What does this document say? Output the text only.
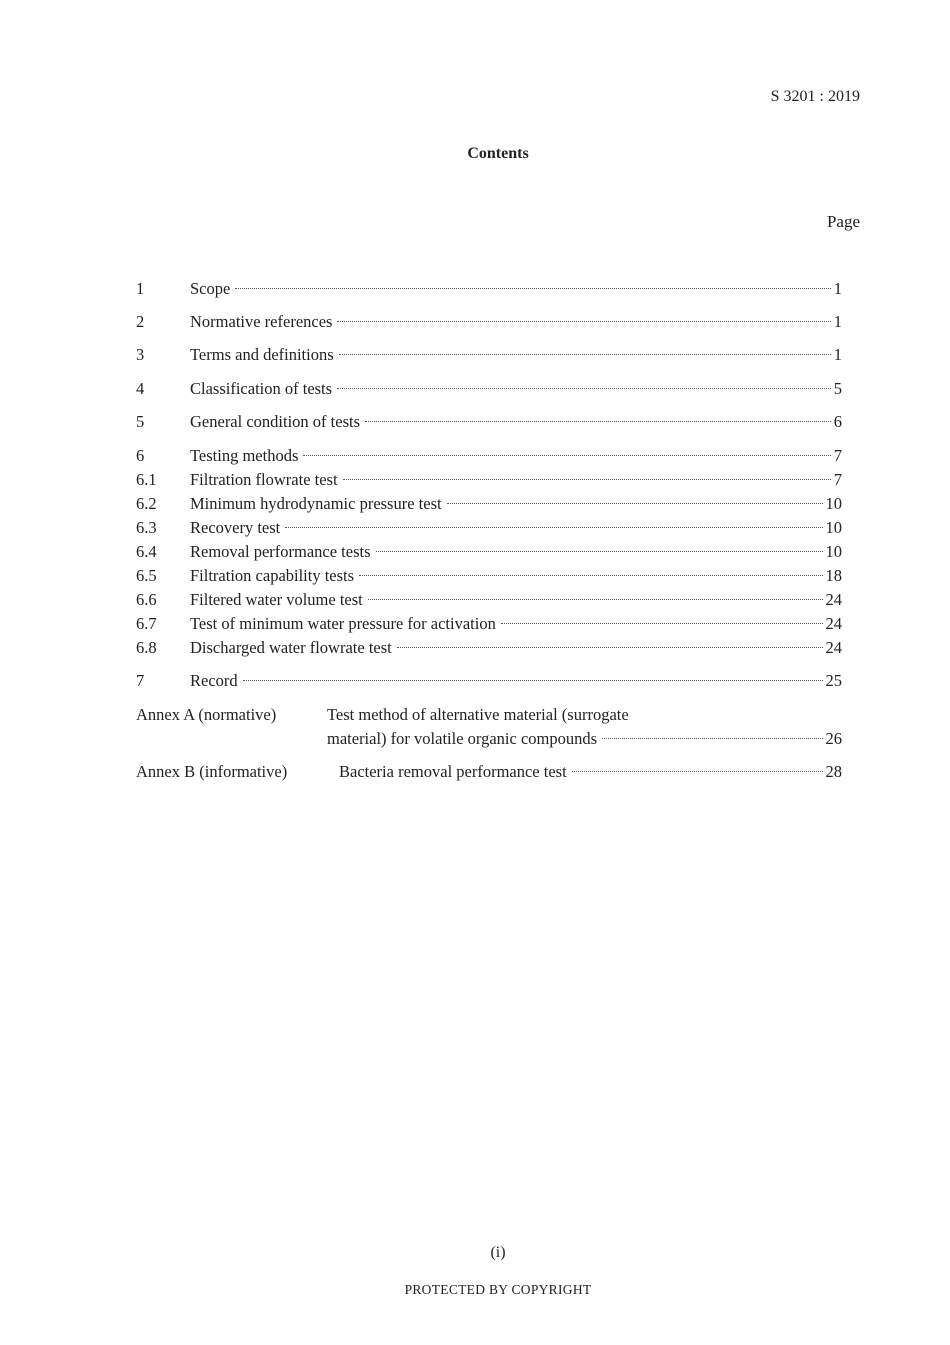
S 3201 : 2019
Contents
Page
1	Scope	1
2	Normative references	1
3	Terms and definitions	1
4	Classification of tests	5
5	General condition of tests	6
6	Testing methods	7
6.1 Filtration flowrate test	7
6.2 Minimum hydrodynamic pressure test	10
6.3 Recovery test	10
6.4 Removal performance tests	10
6.5 Filtration capability tests	18
6.6 Filtered water volume test	24
6.7 Test of minimum water pressure for activation	24
6.8 Discharged water flowrate test	24
7	Record	25
Annex A (normative)	Test method of alternative material (surrogate
material) for volatile organic compounds	26
Annex B (informative)	Bacteria removal performance test	28
(i)
PROTECTED BY COPYRIGHT
